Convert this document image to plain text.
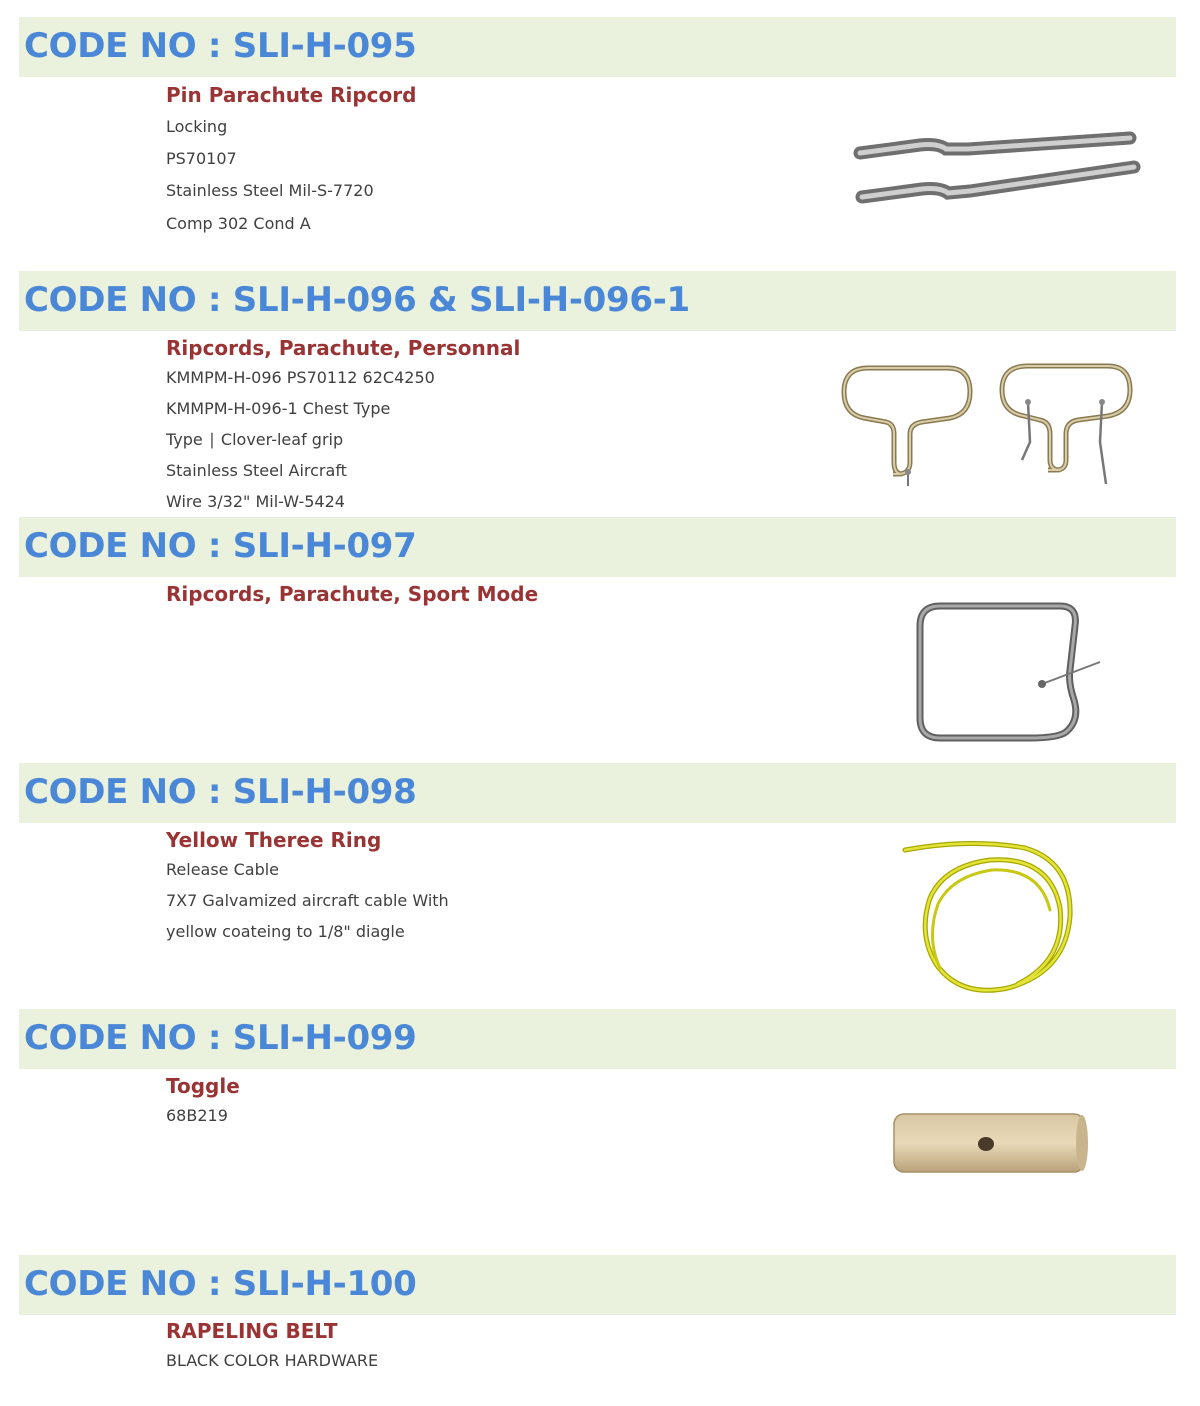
CODE NO : SLI-H-095

Pin Parachute Ripcord

Locking

PS70107

Stainless Steel Mil-S-7720

Comp 302 Cond A

CODE NO : SLI-H-096 & SLI-H-096-1

Ripcords, Parachute, Personnal

KMMPM-H-096 PS70112 62C4250

KMMPM-H-096-1 Chest Type

Type ∣ Clover-leaf grip

Stainless Steel Aircraft

Wire 3/32" Mil-W-5424

CODE NO : SLI-H-097

Ripcords, Parachute, Sport Mode

CODE NO : SLI-H-098

Yellow Theree Ring

Release Cable

7X7 Galvamized aircraft cable With

yellow coateing to 1/8" diagle

CODE NO : SLI-H-099

Toggle

68B219

CODE NO : SLI-H-100

RAPELING BELT

BLACK COLOR HARDWARE
